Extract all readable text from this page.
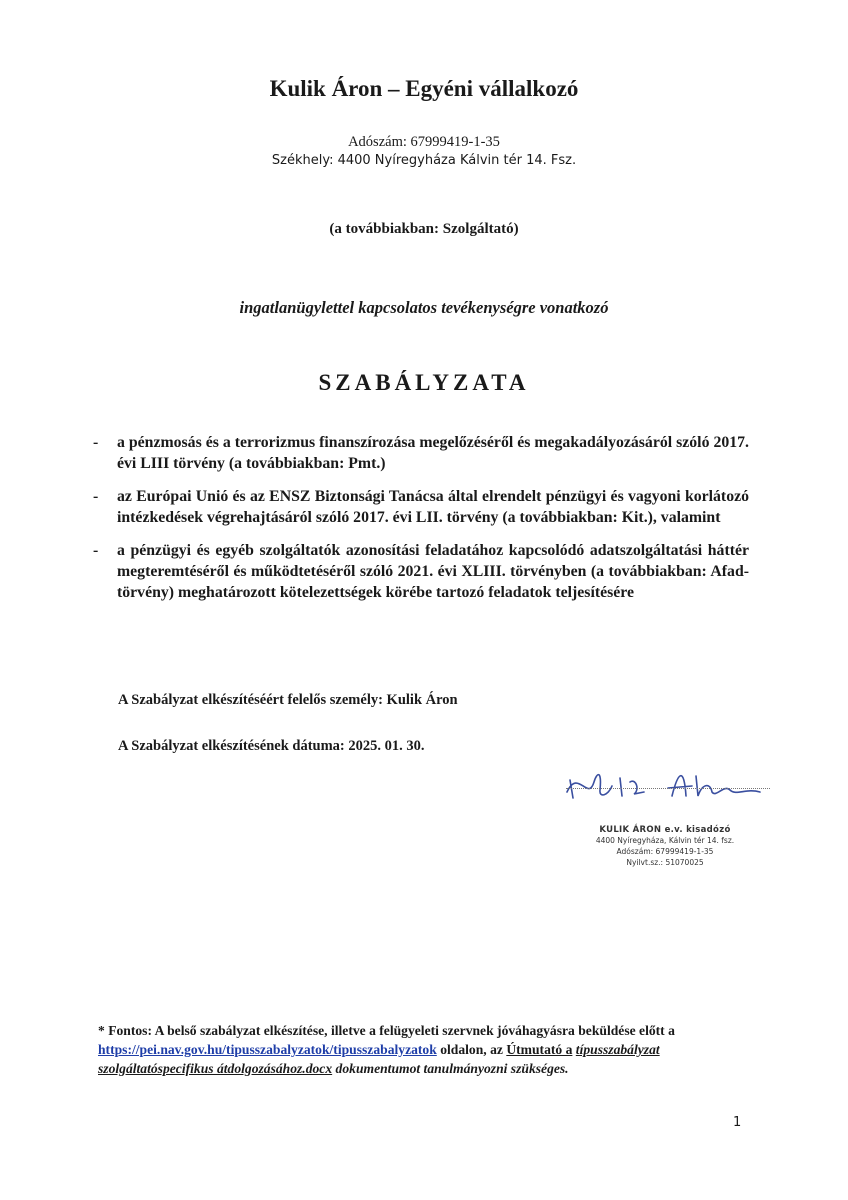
Kulik Áron – Egyéni vállalkozó
Adószám: 67999419-1-35
Székhely: 4400 Nyíregyháza Kálvin tér 14. Fsz.
(a továbbiakban: Szolgáltató)
ingatlanügylettel kapcsolatos tevékenységre vonatkozó
SZABÁLYZATA
- a pénzmosás és a terrorizmus finanszírozása megelőzéséről és megakadályozásáról szóló 2017. évi LIII törvény (a továbbiakban: Pmt.)
- az Európai Unió és az ENSZ Biztonsági Tanácsa által elrendelt pénzügyi és vagyoni korlátozó intézkedések végrehajtásáról szóló 2017. évi LII. törvény (a továbbiakban: Kit.), valamint
- a pénzügyi és egyéb szolgáltatók azonosítási feladatához kapcsolódó adatszolgáltatási háttér megteremtéséről és működtetéséről szóló 2021. évi XLIII. törvényben (a továbbiakban: Afad-törvény) meghatározott kötelezettségek körébe tartozó feladatok teljesítésére
A Szabályzat elkészítéséért felelős személy: Kulik Áron
A Szabályzat elkészítésének dátuma: 2025. 01. 30.
KULIK ÁRON e.v. kisadózó
4400 Nyíregyháza, Kálvin tér 14. fsz.
Adószám: 67999419-1-35
Nyilvt.sz.: 51070025
* Fontos: A belső szabályzat elkészítése, illetve a felügyeleti szervnek jóváhagyásra beküldése előtt a https://pei.nav.gov.hu/tipusszabalyzatok/tipusszabalyzatok oldalon, az Útmutató a típusszabályzat szolgáltatóspecifikus átdolgozásához.docx dokumentumot tanulmányozni szükséges.
1
